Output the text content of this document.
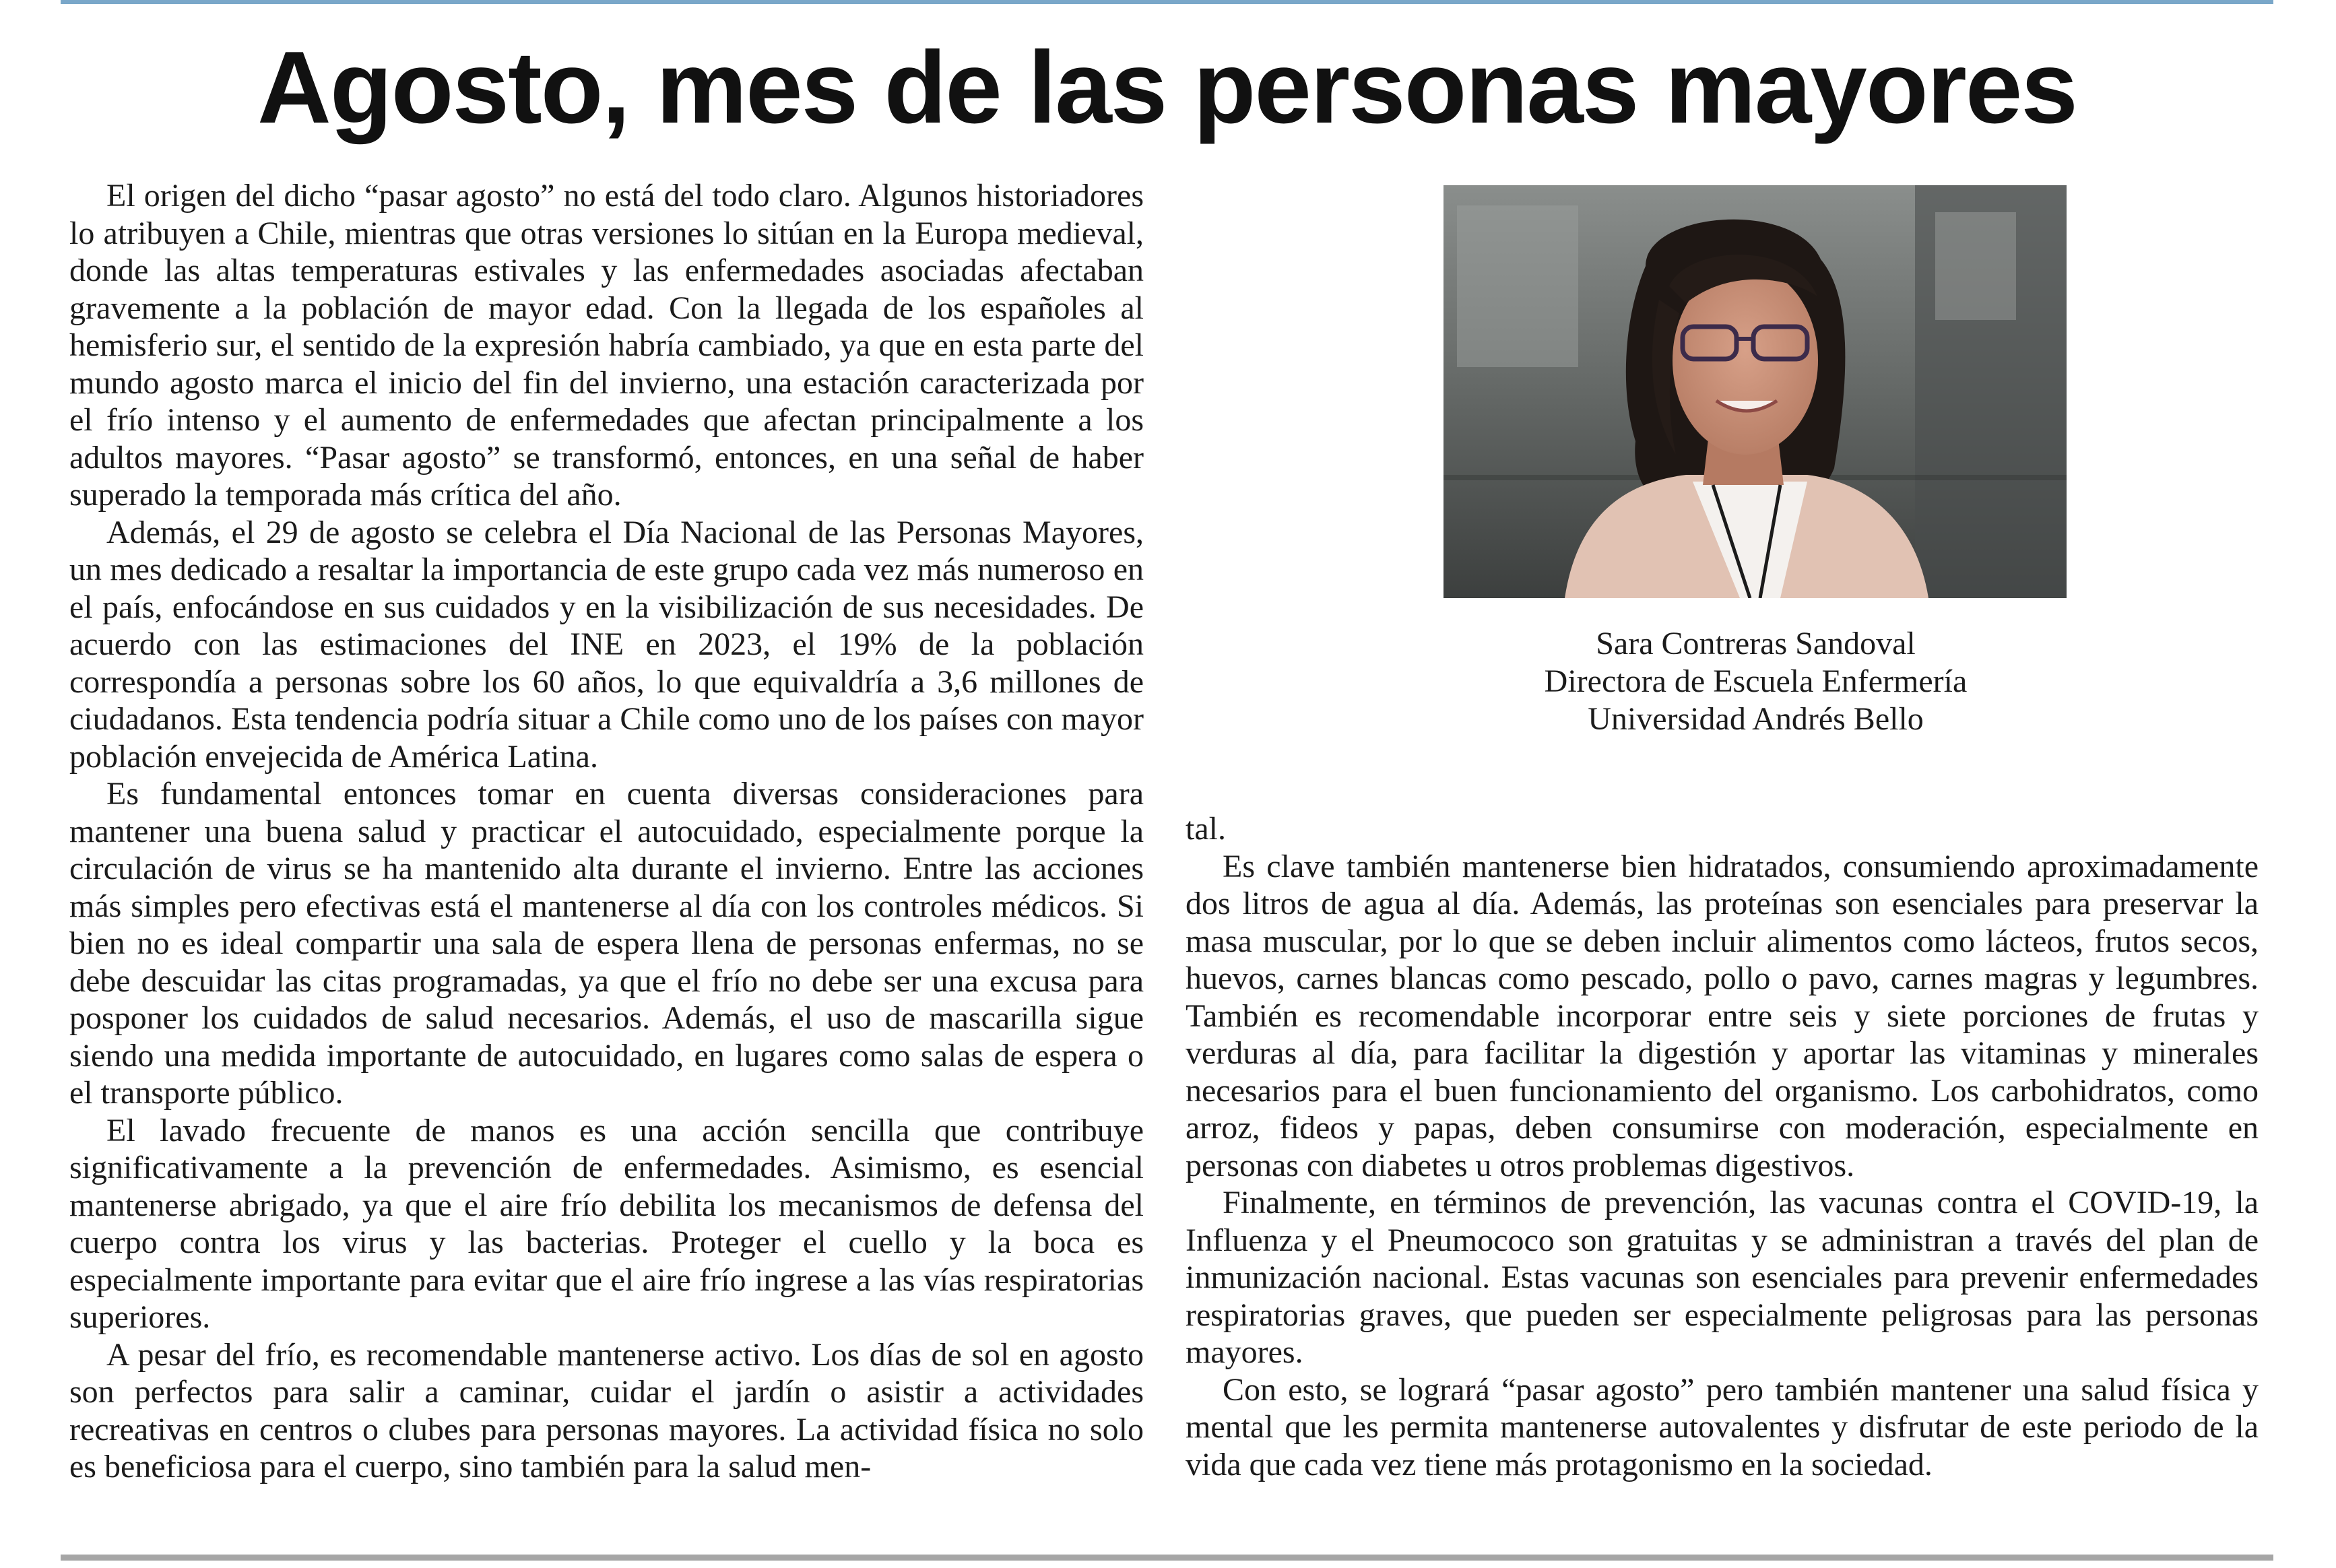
Agosto, mes de las personas mayores

El origen del dicho “pasar agosto” no está del todo claro. Algunos historiadores lo atribuyen a Chile, mientras que otras versiones lo sitúan en la Europa medieval, donde las altas temperaturas estivales y las enfermedades asociadas afectaban gravemente a la población de mayor edad. Con la llegada de los españoles al hemisferio sur, el sentido de la expresión habría cambiado, ya que en esta parte del mundo agosto marca el inicio del fin del invierno, una estación caracterizada por el frío intenso y el aumento de enfermedades que afectan principalmente a los adultos mayores. “Pasar agosto” se transformó, entonces, en una señal de haber superado la temporada más crítica del año.

Además, el 29 de agosto se celebra el Día Nacional de las Personas Mayores, un mes dedicado a resaltar la importancia de este grupo cada vez más numeroso en el país, enfocándose en sus cuidados y en la visibilización de sus necesidades. De acuerdo con las estimaciones del INE en 2023, el 19% de la población correspondía a personas sobre los 60 años, lo que equivaldría a 3,6 millones de ciudadanos. Esta tendencia podría situar a Chile como uno de los países con mayor población envejecida de América Latina.

Es fundamental entonces tomar en cuenta diversas consideraciones para mantener una buena salud y practicar el autocuidado, especialmente porque la circulación de virus se ha mantenido alta durante el invierno. Entre las acciones más simples pero efectivas está el mantenerse al día con los controles médicos. Si bien no es ideal compartir una sala de espera llena de personas enfermas, no se debe descuidar las citas programadas, ya que el frío no debe ser una excusa para posponer los cuidados de salud necesarios. Además, el uso de mascarilla sigue siendo una medida importante de autocuidado, en lugares como salas de espera o el transporte público.

El lavado frecuente de manos es una acción sencilla que contribuye significativamente a la prevención de enfermedades. Asimismo, es esencial mantenerse abrigado, ya que el aire frío debilita los mecanismos de defensa del cuerpo contra los virus y las bacterias. Proteger el cuello y la boca es especialmente importante para evitar que el aire frío ingrese a las vías respiratorias superiores.

A pesar del frío, es recomendable mantenerse activo. Los días de sol en agosto son perfectos para salir a caminar, cuidar el jardín o asistir a actividades recreativas en centros o clubes para personas mayores. La actividad física no solo es beneficiosa para el cuerpo, sino también para la salud men-

Sara Contreras Sandoval
Directora de Escuela Enfermería
Universidad Andrés Bello

tal.

Es clave también mantenerse bien hidratados, consumiendo aproximadamente dos litros de agua al día. Además, las proteínas son esenciales para preservar la masa muscular, por lo que se deben incluir alimentos como lácteos, frutos secos, huevos, carnes blancas como pescado, pollo o pavo, carnes magras y legumbres. También es recomendable incorporar entre seis y siete porciones de frutas y verduras al día, para facilitar la digestión y aportar las vitaminas y minerales necesarios para el buen funcionamiento del organismo. Los carbohidratos, como arroz, fideos y papas, deben consumirse con moderación, especialmente en personas con diabetes u otros problemas digestivos.

Finalmente, en términos de prevención, las vacunas contra el COVID-19, la Influenza y el Pneumococo son gratuitas y se administran a través del plan de inmunización nacional. Estas vacunas son esenciales para prevenir enfermedades respiratorias graves, que pueden ser especialmente peligrosas para las personas mayores.

Con esto, se logrará “pasar agosto” pero también mantener una salud física y mental que les permita mantenerse autovalentes y disfrutar de este periodo de la vida que cada vez tiene más protagonismo en la sociedad.
